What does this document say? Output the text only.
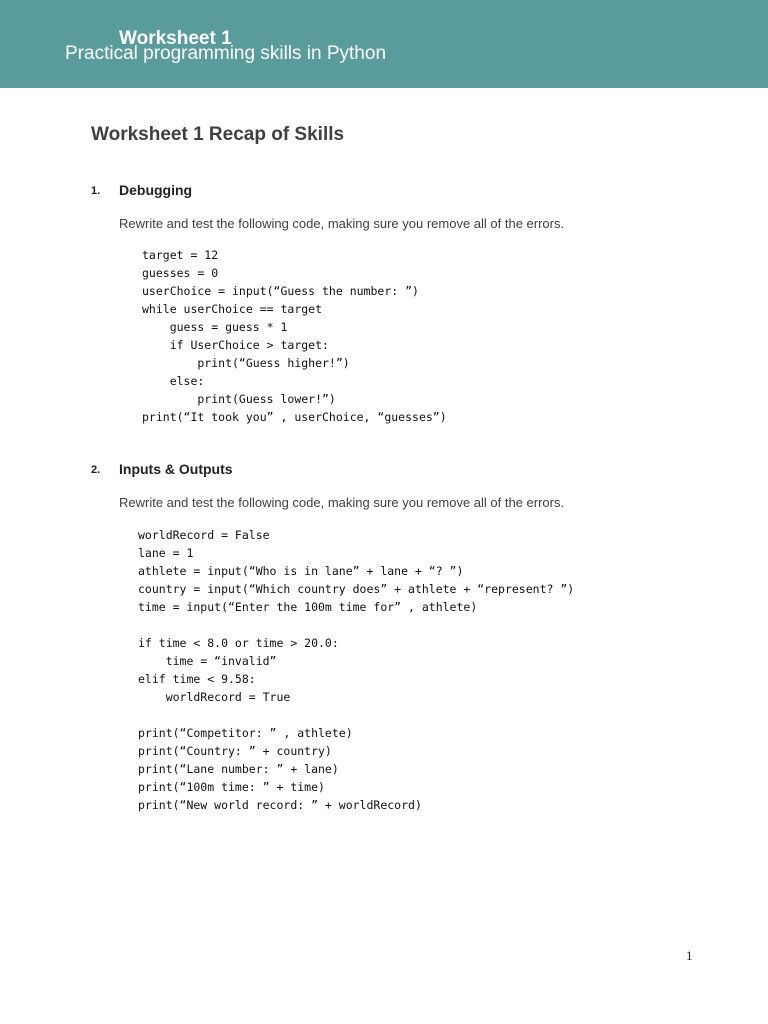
Worksheet 1
Practical programming skills in Python
Worksheet 1 Recap of Skills
1. Debugging
Rewrite and test the following code, making sure you remove all of the errors.
target = 12
guesses = 0
userChoice = input(“Guess the number: ”)
while userChoice == target
guess = guess * 1
if UserChoice > target:
print(“Guess higher!”)
else:
print(Guess lower!”)
print(“It took you” , userChoice, “guesses”)
2. Inputs & Outputs
Rewrite and test the following code, making sure you remove all of the errors.
worldRecord = False
lane = 1
athlete = input(“Who is in lane” + lane + “? ”)
country = input(“Which country does” + athlete + “represent? ”)
time = input(“Enter the 100m time for” , athlete)
if time < 8.0 or time > 20.0:
time = “invalid”
elif time < 9.58:
worldRecord = True
print(“Competitor: ” , athlete)
print(“Country: ” + country)
print(“Lane number: ” + lane)
print(“100m time: ” + time)
print(“New world record: ” + worldRecord)
1
